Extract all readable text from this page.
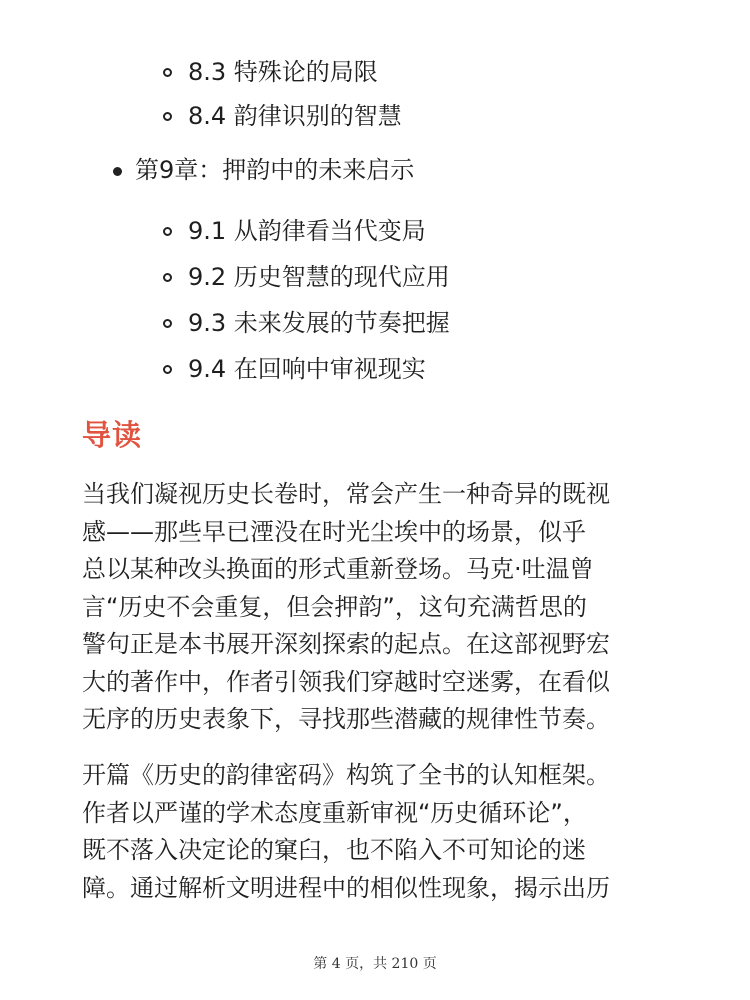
8.3 特殊论的局限
8.4 韵律识别的智慧
第9章：押韵中的未来启示
9.1 从韵律看当代变局
9.2 历史智慧的现代应用
9.3 未来发展的节奏把握
9.4 在回响中审视现实
导读
当我们凝视历史长卷时，常会产生一种奇异的既视
感——那些早已湮没在时光尘埃中的场景，似乎
总以某种改头换面的形式重新登场。马克·吐温曾
言“历史不会重复，但会押韵”，这句充满哲思的
警句正是本书展开深刻探索的起点。在这部视野宏
大的著作中，作者引领我们穿越时空迷雾，在看似
无序的历史表象下，寻找那些潜藏的规律性节奏。
开篇《历史的韵律密码》构筑了全书的认知框架。
作者以严谨的学术态度重新审视“历史循环论”，
既不落入决定论的窠臼，也不陷入不可知论的迷
障。通过解析文明进程中的相似性现象，揭示出历
第 4 页，共 210 页
